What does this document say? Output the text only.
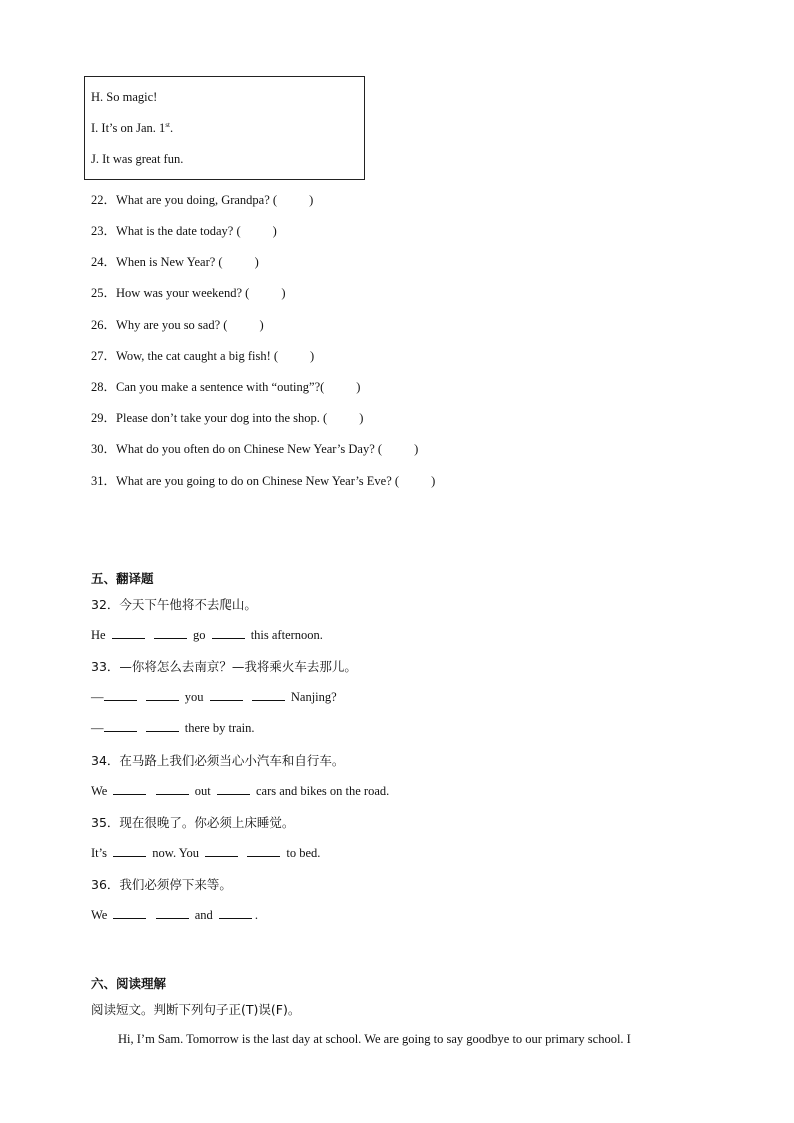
H. So magic!
I. It’s on Jan. 1st.
J. It was great fun.
22．What are you doing, Grandpa? (	)
23．What is the date today? (	)
24．When is New Year? (	)
25．How was your weekend? (	)
26．Why are you so sad? (	)
27．Wow, the cat caught a big fish! (	)
28．Can you make a sentence with “outing”?(	)
29．Please don’t take your dog into the shop. (	)
30．What do you often do on Chinese New Year’s Day? (	)
31．What are you going to do on Chinese New Year’s Eve? (	)
五、翻译题
32．今天下午他将不去爬山。
He	go	this afternoon.
33．—你将怎么去南京？—我将乘火车去那儿。
—	you	Nanjing?
—	there by train.
34．在马路上我们必须当心小汽车和自行车。
We	out	cars and bikes on the road.
35．现在很晚了。你必须上床睡觉。
It’s	now. You	to bed.
36．我们必须停下来等。
We	and	.
六、阅读理解
阅读短文。判断下列句子正(T)误(F)。
Hi, I’m Sam. Tomorrow is the last day at school. We are going to say goodbye to our primary school. I
